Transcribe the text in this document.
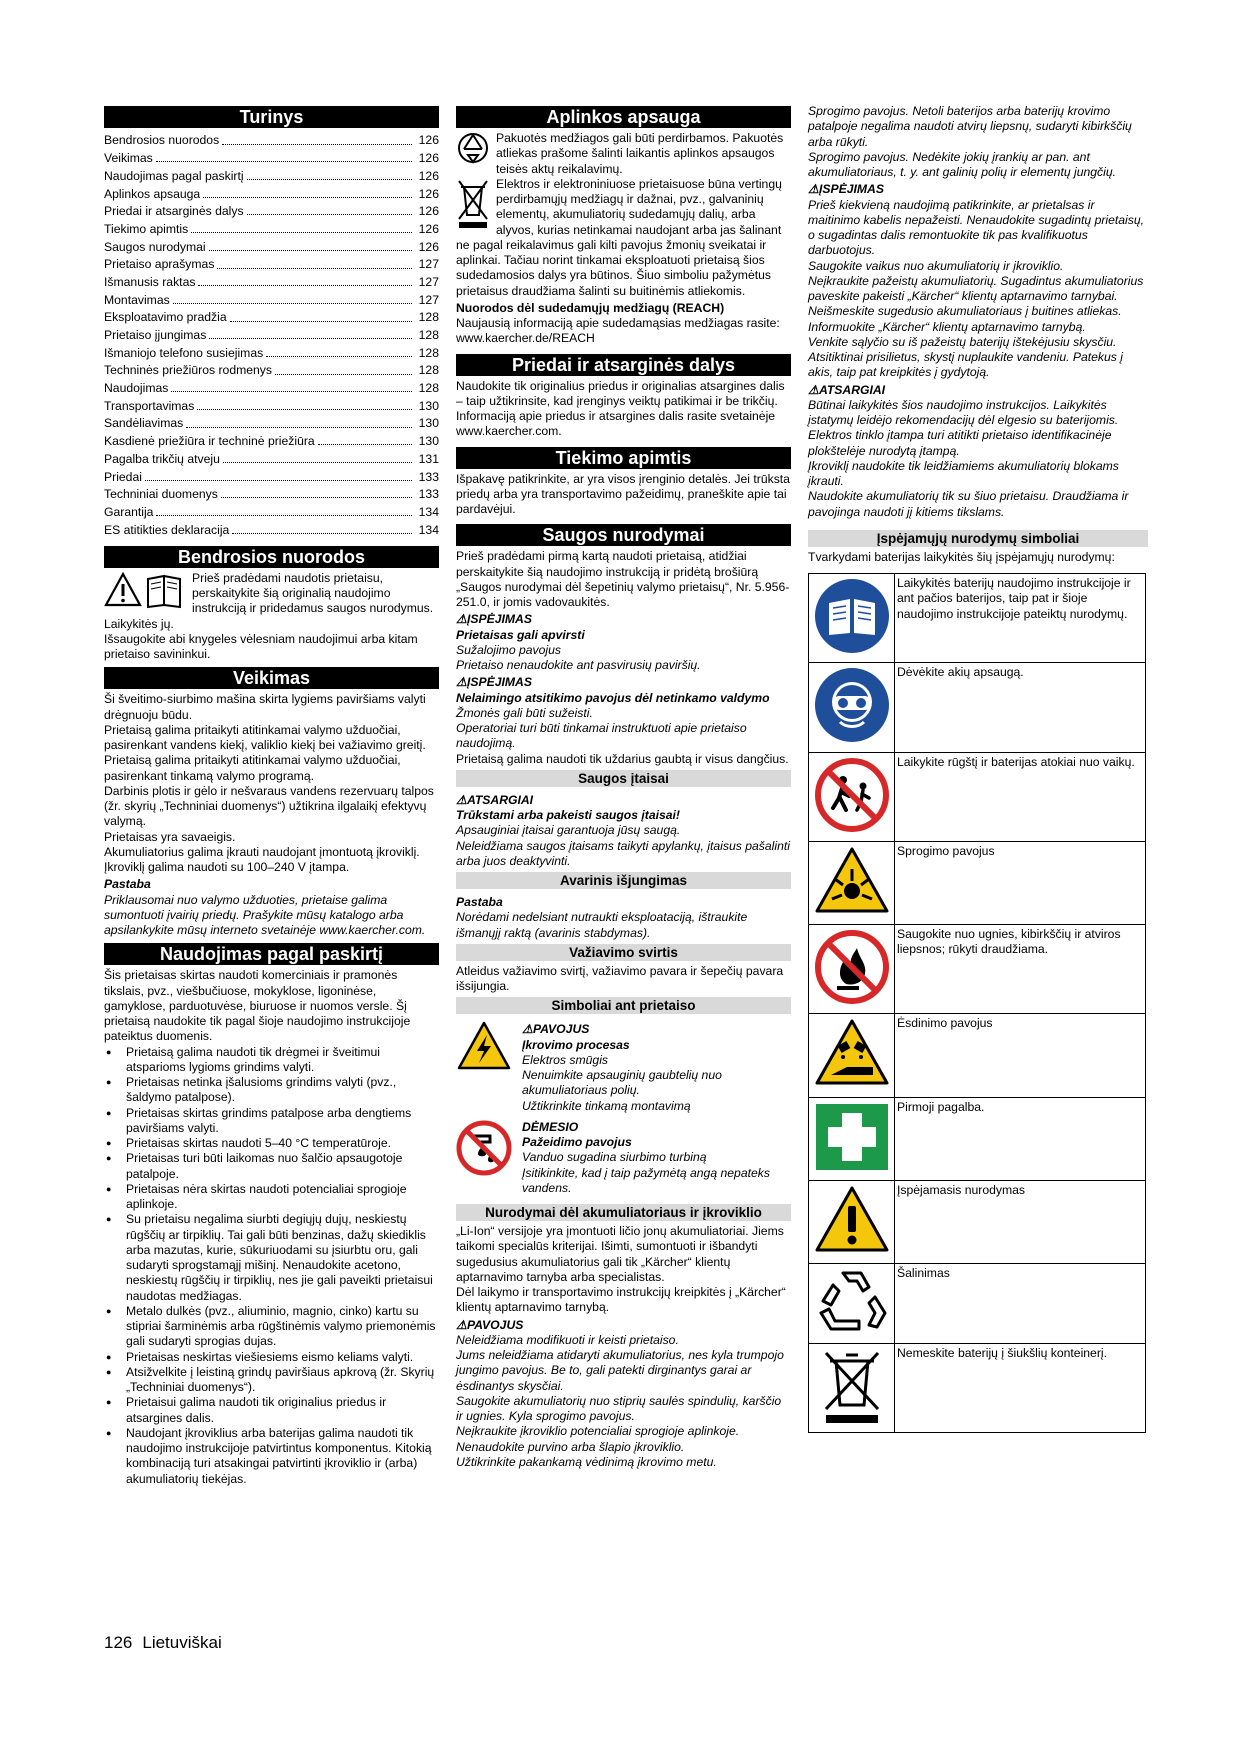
Turinys
Bendrosios nuorodos	126
Veikimas	126
Naudojimas pagal paskirtį	126
Aplinkos apsauga	126
Priedai ir atsarginės dalys	126
Tiekimo apimtis	126
Saugos nurodymai	126
Prietaiso aprašymas	127
Išmanusis raktas	127
Montavimas	127
Eksploatavimo pradžia	128
Prietaiso įjungimas	128
Išmaniojo telefono susiejimas	128
Techninės priežiūros rodmenys	128
Naudojimas	128
Transportavimas	130
Sandėliavimas	130
Kasdienė priežiūra ir techninė priežiūra	130
Pagalba trikčių atveju	131
Priedai	133
Techniniai duomenys	133
Garantija	134
ES atitikties deklaracija	134
Bendrosios nuorodos

Prieš pradėdami naudotis prietaisu, perskaitykite šią originalią naudojimo instrukciją ir pridedamus saugos nurodymus. Laikykitės jų.

Išsaugokite abi knygeles vėlesniam naudojimui arba kitam prietaiso savininkui.

Veikimas

Ši šveitimo-siurbimo mašina skirta lygiems paviršiams valyti drėgnuoju būdu.

Prietaisą galima pritaikyti atitinkamai valymo užduočiai, pasirenkant vandens kiekį, valiklio kiekį bei važiavimo greitį.

Prietaisą galima pritaikyti atitinkamai valymo užduočiai, pasirenkant tinkamą valymo programą.

Darbinis plotis ir gėlo ir nešvaraus vandens rezervuarų talpos (žr. skyrių „Techniniai duomenys“) užtikrina ilgalaikį efektyvų valymą.

Prietaisas yra savaeigis.

Akumuliatorius galima įkrauti naudojant įmontuotą įkroviklį. Įkroviklį galima naudoti su 100–240 V įtampa.

Pastaba

Priklausomai nuo valymo užduoties, prietaise galima sumontuoti įvairių priedų. Prašykite mūsų katalogo arba apsilankykite mūsų interneto svetainėje www.kaercher.com.

Naudojimas pagal paskirtį

Šis prietaisas skirtas naudoti komerciniais ir pramonės tikslais, pvz., viešbučiuose, mokyklose, ligoninėse, gamyklose, parduotuvėse, biuruose ir nuomos versle. Šį prietaisą naudokite tik pagal šioje naudojimo instrukcijoje pateiktus duomenis.

● Prietaisą galima naudoti tik drėgmei ir šveitimui atsparioms lygioms grindims valyti.
● Prietaisas netinka įšalusioms grindims valyti (pvz., šaldymo patalpose).
● Prietaisas skirtas grindims patalpose arba dengtiems paviršiams valyti.
● Prietaisas skirtas naudoti 5–40 °C temperatūroje.
● Prietaisas turi būti laikomas nuo šalčio apsaugotoje patalpoje.
● Prietaisas nėra skirtas naudoti potencialiai sprogioje aplinkoje.
● Su prietaisu negalima siurbti degiųjų dujų, neskiestų rūgščių ar tirpiklių. Tai gali būti benzinas, dažų skiediklis arba mazutas, kurie, sūkuriuodami su įsiurbtu oru, gali sudaryti sprogstamąjį mišinį. Nenaudokite acetono, neskiestų rūgščių ir tirpiklių, nes jie gali paveikti prietaisui naudotas medžiagas.
● Metalo dulkės (pvz., aliuminio, magnio, cinko) kartu su stipriai šarminėmis arba rūgštinėmis valymo priemonėmis gali sudaryti sprogias dujas.
● Prietaisas neskirtas viešiesiems eismo keliams valyti.
● Atsižvelkite į leistiną grindų paviršiaus apkrovą (žr. Skyrių „Techniniai duomenys“).
● Prietaisui galima naudoti tik originalius priedus ir atsargines dalis.
● Naudojant įkroviklius arba baterijas galima naudoti tik naudojimo instrukcijoje patvirtintus komponentus. Kitokią kombinaciją turi atsakingai patvirtinti įkroviklio ir (arba) akumuliatorių tiekėjas.
Aplinkos apsauga

Pakuotės medžiagos gali būti perdirbamos. Pakuotės atliekas prašome šalinti laikantis aplinkos apsaugos teisės aktų reikalavimų.

Elektros ir elektroniniuose prietaisuose būna vertingų perdirbamųjų medžiagų ir dažnai, pvz., galvaninių elementų, akumuliatorių sudedamųjų dalių, arba alyvos, kurias netinkamai naudojant arba jas šalinant ne pagal reikalavimus gali kilti pavojus žmonių sveikatai ir aplinkai. Tačiau norint tinkamai eksploatuoti prietaisą šios sudedamosios dalys yra būtinos. Šiuo simboliu pažymėtus prietaisus draudžiama šalinti su buitinėmis atliekomis.

Nuorodos dėl sudedamųjų medžiagų (REACH)

Naujausią informaciją apie sudedamąsias medžiagas rasite: www.kaercher.de/REACH

Priedai ir atsarginės dalys

Naudokite tik originalius priedus ir originalias atsargines dalis – taip užtikrinsite, kad įrenginys veiktų patikimai ir be trikčių.

Informaciją apie priedus ir atsargines dalis rasite svetainėje www.kaercher.com.

Tiekimo apimtis

Išpakavę patikrinkite, ar yra visos įrenginio detalės. Jei trūksta priedų arba yra transportavimo pažeidimų, praneškite apie tai pardavėjui.

Saugos nurodymai

Prieš pradėdami pirmą kartą naudoti prietaisą, atidžiai perskaitykite šią naudojimo instrukciją ir pridėtą brošiūrą „Saugos nurodymai dėl šepetinių valymo prietaisų“, Nr. 5.956-251.0, ir jomis vadovaukitės.

⚠ĮSPĖJIMAS

Prietaisas gali apvirsti

Sužalojimo pavojus

Prietaiso nenaudokite ant pasvirusių paviršių.

⚠ĮSPĖJIMAS

Nelaimingo atsitikimo pavojus dėl netinkamo valdymo

Žmonės gali būti sužeisti.

Operatoriai turi būti tinkamai instruktuoti apie prietaiso naudojimą.

Prietaisą galima naudoti tik uždarius gaubtą ir visus dangčius.

Saugos įtaisai

⚠ATSARGIAI

Trūkstami arba pakeisti saugos įtaisai!

Apsauginiai įtaisai garantuoja jūsų saugą.

Neleidžiama saugos įtaisams taikyti apylankų, įtaisus pašalinti arba juos deaktyvinti.

Avarinis išjungimas

Pastaba

Norėdami nedelsiant nutraukti eksploataciją, ištraukite išmanųjį raktą (avarinis stabdymas).

Važiavimo svirtis

Atleidus važiavimo svirtį, važiavimo pavara ir šepečių pavara išsijungia.

Simboliai ant prietaiso

⚠PAVOJUS

Įkrovimo procesas

Elektros smūgis

Nenuimkite apsauginių gaubtelių nuo akumuliatoriaus polių.

Užtikrinkite tinkamą montavimą

DĖMESIO

Pažeidimo pavojus

Vanduo sugadina siurbimo turbiną

Įsitikinkite, kad į taip pažymėtą angą nepateks vandens.

Nurodymai dėl akumuliatoriaus ir įkroviklio

„Li-Ion“ versijoje yra įmontuoti ličio jonų akumuliatoriai. Jiems taikomi specialūs kriterijai. Išimti, sumontuoti ir išbandyti sugedusius akumuliatorius gali tik „Kärcher“ klientų aptarnavimo tarnyba arba specialistas.

Dėl laikymo ir transportavimo instrukcijų kreipkitės į „Kärcher“ klientų aptarnavimo tarnybą.

⚠PAVOJUS

Neleidžiama modifikuoti ir keisti prietaiso.

Jums neleidžiama atidaryti akumuliatorius, nes kyla trumpojo jungimo pavojus. Be to, gali patekti dirginantys garai ar ėsdinantys skysčiai.

Saugokite akumuliatorių nuo stiprių saulės spindulių, karščio ir ugnies. Kyla sprogimo pavojus.

Neįkraukite įkroviklio potencialiai sprogioje aplinkoje.

Nenaudokite purvino arba šlapio įkroviklio.

Užtikrinkite pakankamą vėdinimą įkrovimo metu.

Sprogimo pavojus. Netoli baterijos arba baterijų krovimo patalpoje negalima naudoti atvirų liepsnų, sudaryti kibirkščių arba rūkyti.

Sprogimo pavojus. Nedėkite jokių įrankių ar pan. ant akumuliatoriaus, t. y. ant galinių polių ir elementų jungčių.

⚠ĮSPĖJIMAS

Prieš kiekvieną naudojimą patikrinkite, ar prietalsas ir maitinimo kabelis nepažeisti. Nenaudokite sugadintų prietaisų, o sugadintas dalis remontuokite tik pas kvalifikuotus darbuotojus.

Saugokite vaikus nuo akumuliatorių ir įkroviklio.

Neįkraukite pažeistų akumuliatorių. Sugadintus akumuliatorius paveskite pakeisti „Kärcher“ klientų aptarnavimo tarnybai.

Neišmeskite sugedusio akumuliatoriaus į buitines atliekas.

Informuokite „Kärcher“ klientų aptarnavimo tarnybą.

Venkite sąlyčio su iš pažeistų baterijų ištekėjusiu skysčiu. Atsitiktinai prisilietus, skystį nuplaukite vandeniu. Patekus į akis, taip pat kreipkitės į gydytoją.

⚠ATSARGIAI

Būtinai laikykitės šios naudojimo instrukcijos. Laikykitės įstatymų leidėjo rekomendacijų dėl elgesio su baterijomis.

Elektros tinklo įtampa turi atitikti prietaiso identifikacinėje plokštelėje nurodytą įtampą.

Įkroviklį naudokite tik leidžiamiems akumuliatorių blokams įkrauti.

Naudokite akumuliatorių tik su šiuo prietaisu. Draudžiama ir pavojinga naudoti jį kitiems tikslams.

Įspėjamųjų nurodymų simboliai

Tvarkydami baterijas laikykitės šių įspėjamųjų nurodymų:

	Laikykitės baterijų naudojimo instrukcijoje ir ant pačios baterijos, taip pat ir šioje naudojimo instrukcijoje pateiktų nurodymų.
	Dėvėkite akių apsaugą.
	Laikykite rūgštį ir baterijas atokiai nuo vaikų.
	Sprogimo pavojus
	Saugokite nuo ugnies, kibirkščių ir atviros liepsnos; rūkyti draudžiama.
	Ėsdinimo pavojus
	Pirmoji pagalba.
	Įspėjamasis nurodymas
	Šalinimas
	Nemeskite baterijų į šiukšlių konteinerį.
126 Lietuviškai
